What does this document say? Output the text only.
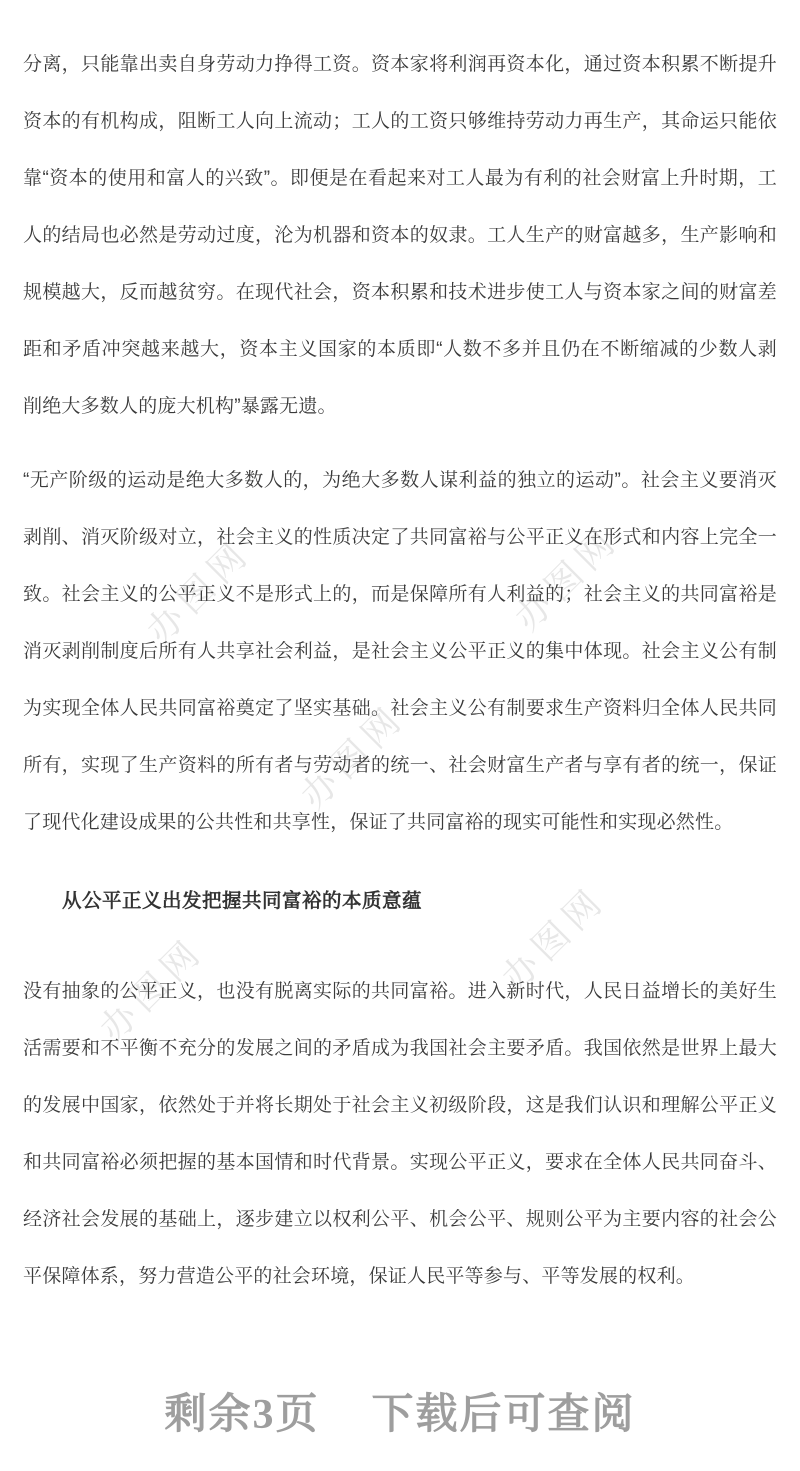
办图网	办图网
办图网
办图网	办图网

分离，只能靠出卖自身劳动力挣得工资。资本家将利润再资本化，通过资本积累不断提升资本的有机构成，阻断工人向上流动；工人的工资只够维持劳动力再生产，其命运只能依靠“资本的使用和富人的兴致”。即便是在看起来对工人最为有利的社会财富上升时期，工人的结局也必然是劳动过度，沦为机器和资本的奴隶。工人生产的财富越多，生产影响和规模越大，反而越贫穷。在现代社会，资本积累和技术进步使工人与资本家之间的财富差距和矛盾冲突越来越大，资本主义国家的本质即“人数不多并且仍在不断缩减的少数人剥削绝大多数人的庞大机构”暴露无遗。

“无产阶级的运动是绝大多数人的，为绝大多数人谋利益的独立的运动”。社会主义要消灭剥削、消灭阶级对立，社会主义的性质决定了共同富裕与公平正义在形式和内容上完全一致。社会主义的公平正义不是形式上的，而是保障所有人利益的；社会主义的共同富裕是消灭剥削制度后所有人共享社会利益，是社会主义公平正义的集中体现。社会主义公有制为实现全体人民共同富裕奠定了坚实基础。社会主义公有制要求生产资料归全体人民共同所有，实现了生产资料的所有者与劳动者的统一、社会财富生产者与享有者的统一，保证了现代化建设成果的公共性和共享性，保证了共同富裕的现实可能性和实现必然性。

从公平正义出发把握共同富裕的本质意蕴

没有抽象的公平正义，也没有脱离实际的共同富裕。进入新时代，人民日益增长的美好生活需要和不平衡不充分的发展之间的矛盾成为我国社会主要矛盾。我国依然是世界上最大的发展中国家，依然处于并将长期处于社会主义初级阶段，这是我们认识和理解公平正义和共同富裕必须把握的基本国情和时代背景。实现公平正义，要求在全体人民共同奋斗、经济社会发展的基础上，逐步建立以权利公平、机会公平、规则公平为主要内容的社会公平保障体系，努力营造公平的社会环境，保证人民平等参与、平等发展的权利。

剩余3页 下载后可查阅
